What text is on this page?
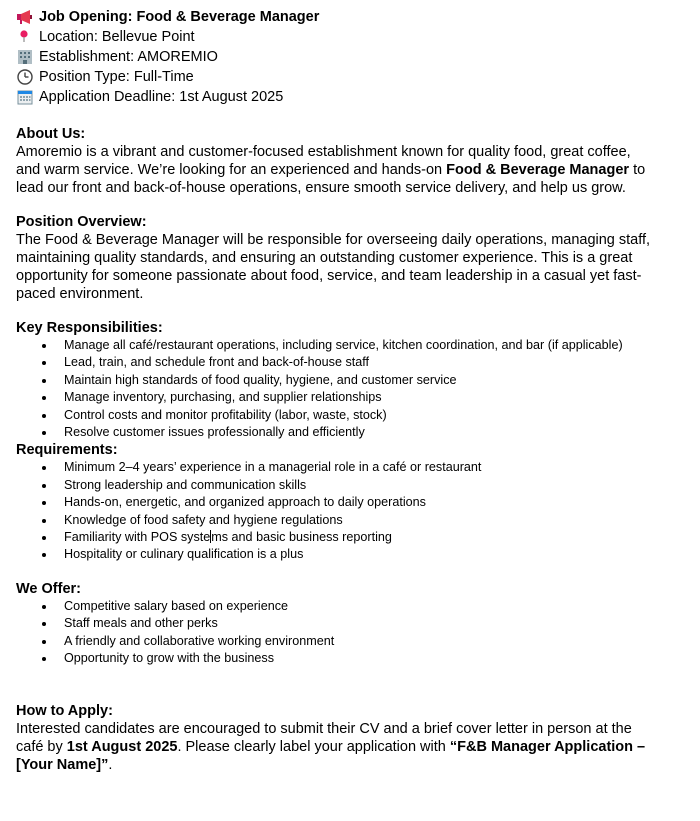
Job Opening: Food & Beverage Manager
Location: Bellevue Point
Establishment: AMOREMIO
Position Type: Full-Time
Application Deadline: 1st August 2025
About Us:
Amoremio is a vibrant and customer-focused establishment known for quality food, great coffee, and warm service. We’re looking for an experienced and hands-on Food & Beverage Manager to lead our front and back-of-house operations, ensure smooth service delivery, and help us grow.
Position Overview:
The Food & Beverage Manager will be responsible for overseeing daily operations, managing staff, maintaining quality standards, and ensuring an outstanding customer experience. This is a great opportunity for someone passionate about food, service, and team leadership in a casual yet fast-paced environment.
Key Responsibilities:
Manage all café/restaurant operations, including service, kitchen coordination, and bar (if applicable)
Lead, train, and schedule front and back-of-house staff
Maintain high standards of food quality, hygiene, and customer service
Manage inventory, purchasing, and supplier relationships
Control costs and monitor profitability (labor, waste, stock)
Resolve customer issues professionally and efficiently
Requirements:
Minimum 2–4 years’ experience in a managerial role in a café or restaurant
Strong leadership and communication skills
Hands-on, energetic, and organized approach to daily operations
Knowledge of food safety and hygiene regulations
Familiarity with POS systems and basic business reporting
Hospitality or culinary qualification is a plus
We Offer:
Competitive salary based on experience
Staff meals and other perks
A friendly and collaborative working environment
Opportunity to grow with the business
How to Apply:
Interested candidates are encouraged to submit their CV and a brief cover letter in person at the café by 1st August 2025. Please clearly label your application with “F&B Manager Application – [Your Name]”.
